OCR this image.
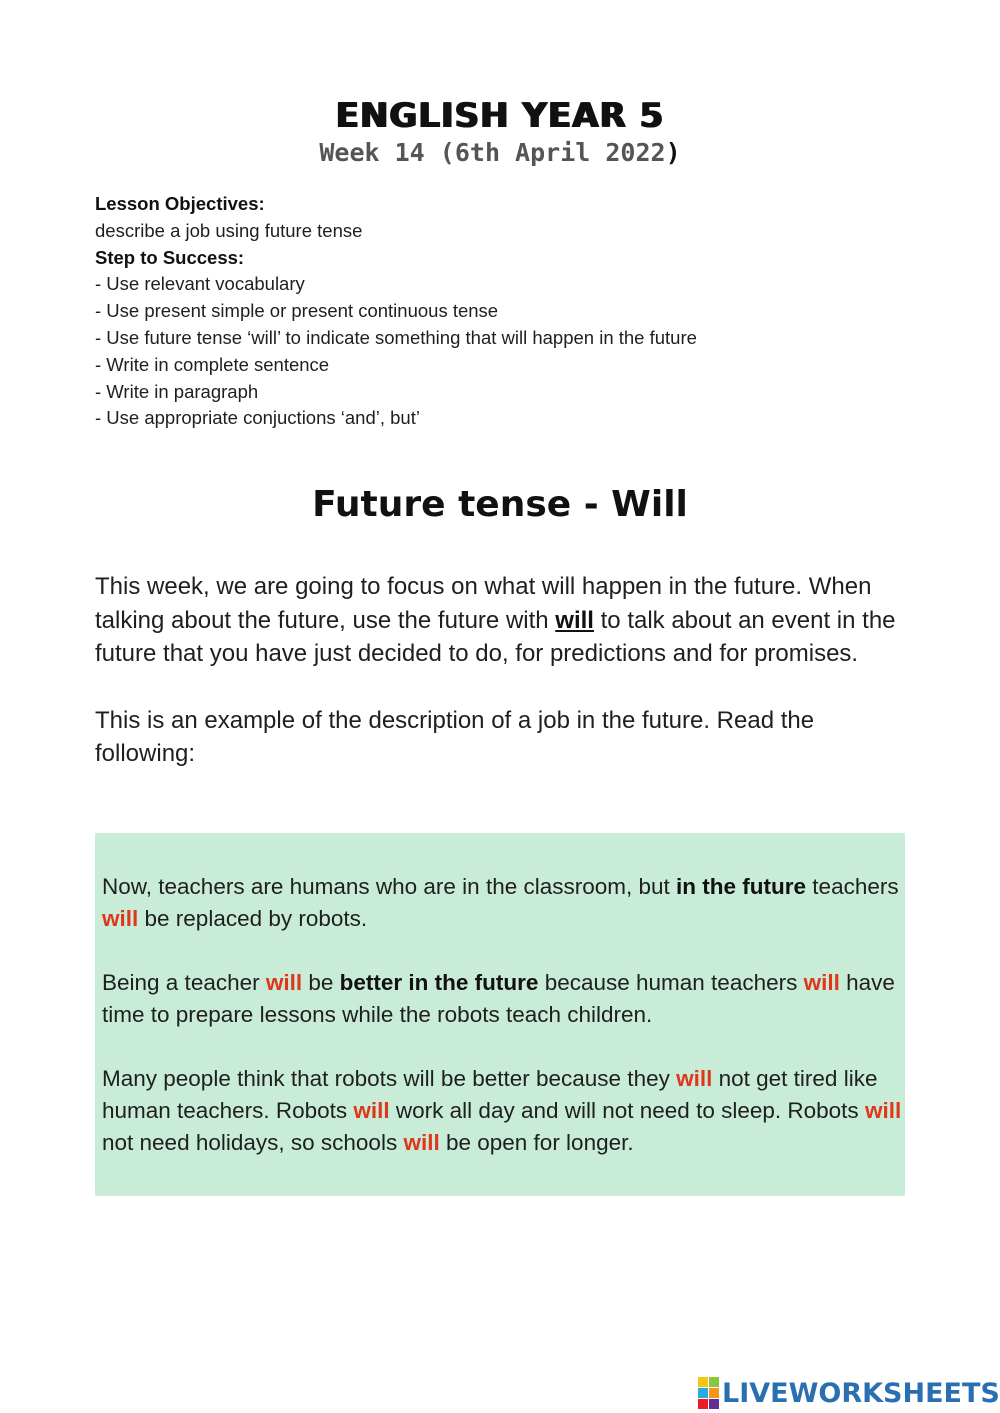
ENGLISH YEAR 5
Week 14 (6th April 2022)
Lesson Objectives:
describe a job using future tense
Step to Success:
- Use relevant vocabulary
- Use present simple or present continuous tense
- Use future tense ‘will’ to indicate something that will happen in the future
- Write in complete sentence
- Write in paragraph
- Use appropriate conjuctions ‘and’, but’
Future tense - Will

This week, we are going to focus on what will happen in the future. When talking about the future, use the future with will to talk about an event in the future that you have just decided to do, for predictions and for promises.

This is an example of the description of a job in the future. Read the following:

Now, teachers are humans who are in the classroom, but in the future teachers will be replaced by robots.

Being a teacher will be better in the future because human teachers will have time to prepare lessons while the robots teach children.

Many people think that robots will be better because they will not get tired like human teachers. Robots will work all day and will not need to sleep. Robots will not need holidays, so schools will be open for longer.

LIVEWORKSHEETS
